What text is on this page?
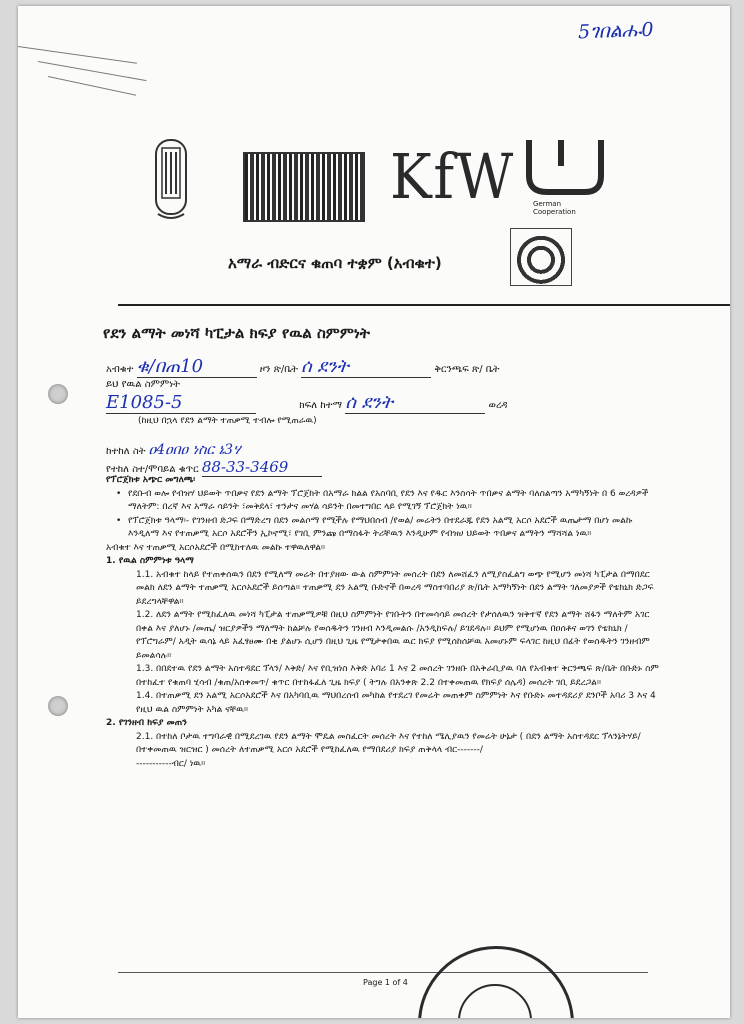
5ገበልሑ0
KfW	German Cooperation
አማራ ብድርና ቁጠባ ተቋም (አብቁተ)
የደን ልማት መነሻ ካፒታል ክፍያ የዉል ስምምነት
አብቁተ ቁ/በጠ10	ዞን ጽ/ቤት ሰ ደንት	ቅርንጫፍ ጽ/ ቤት
ይህ የዉል ስምምነት
E1085-5	ክፍለ ከተማ ሰ ደንት	ወረዳ
(ከዚህ በኋላ የደን ልማት ተጠቃሚ ተብሎ የሚጠራዉ)
ከተከለ ስት ዐ4ዐበዐ ነስር ኔ3ሃ
የተከለ ስተ/ሞባይል ቁጥር 88-33-3469

የፕሮጀክቱ አጭር መግለጫ፡

• የደቡብ ወሎ የብዝሃ ህይወት ጥበቃና የደን ልማት ፕሮጀክት በአማራ ክልል የአስባቢ የደን እና የዱር እንስሳት ጥበቃና ልማት ባለስልጣን አማካኝነት በ 6 ወረዳዎች ማለትም: በረኛ እና አማራ ሳይንት ፣መቅደላ፣ ተንታና መሃል ሳይንት በመተግበር ላይ የሚገኝ ፕሮጀክት ነዉ።

• የፕሮጀክቱ ዓላማ፡- የገንዘብ ድጋፍ በማድረግ በደን መልሶማ የሚችሉ የማህበሰብ /የወል/ መሬትን በተደራጁ የደን አልሚ አርሶ አደሮች ዉጤታማ በሆነ መልኩ እንዲለማ እና የተጠቃሚ አርሶ አደሮችን ኢኮኖሚ፣ የገቢ ምንጩ በማስፋት ትሪቸዉን እንዲሁም የብዝሀ ህይወት ጥበቃና ልማትን ማሻሻል ነዉ።

አብቁተ እና ተጠቃሚ አርሶአደሮች በሚከተለዉ መልኩ ተዋዉለዋል።

1. የዉል ስምምነቱ ዓላማ

1.1. አብቁተ ከላይ የተጠቀሰዉን በደን የሚለማ መሬት በተያዘው ውል ስምምነት መሰረት በደን ለመሸፈን ለሚያስፈልግ ወጭ የሚሆን መነሻ ካፒታል በማበደር መልክ ለደን ልማት ተጠቃሚ አርሶአደሮች ይሰጣል። ተጠቃሚ ደን አልሚ ቡድኖች በወረዳ ማስተባበሪያ ጽ/ቤት አማካኝነት በደን ልማት ገለመያዎች የቴክኒክ ድጋፍ ይደረግላቸዋል።

1.2. ለደን ልማት የሚከፈለዉ መነሻ ካፒታል ተጠቃሚዎቹ በዚህ ስምምነት የገቡትን በተመሳሳይ መሰረት የታሰለዉን ዝቅተኛ የደን ልማት ሸፋን ማለትም አገር በቀል እና ያለሆኑ /መጤ/ ዝርያዎችን ማለማት ከልቻሉ የወሰዱትን ገንዘብ እንዲመልሱ /አንዲከፍሉ/ ይገደዳሉ። ይህም የሚሆነዉ በዐሰቶና ወገን የቴክኒክ /የፕሮግራም/ አዲት ዉሳኔ ላይ አፈፃፀሙ በቂ ያልሆኑ ሲሆን በዚህ ጊዜ የሚታቀበዉ ዉር ክፍያ የሚሰከሰቻዉ አመሆኑም ፍላገር ከዚህ በፊት የወሰዱትን ገንዘብም ይመልሳሉ።

1.3. በበደተዉ የደን ልማት አስተዳደር ፕላን/ እቅድ/ እና የቢዝነስ እቅድ አባሪ 1 እና 2 መሰረት ገንዘቡ በአቅራቢያዉ ባለ የአብቁተ ቅርንጫፍ ጽ/ቤት በቡድኑ ስም በተከፈተ የቁጠባ ሂሳብ /ቁጠ/አስቀመጥ/ ቁጥር በተከፋፈለ ጊዜ ክፍያ ( ትግሉ በአንቀጽ 2.2 በተቀመጠዉ የክፍያ ሰሌዳ) መሰረት ገቢ ይደረጋል።

1.4. በተጠቃሚ ደን አልሚ አርሶአደሮች እና በአካባቢዉ ማህበረሰብ መካከል የተደረገ የመሬት መጠቀም ስምምነት እና የቡድኑ መተዳደሪያ ደንቦች አባሪ 3 እና 4 የዚህ ዉል ስምምነት አካል ናቸዉ።

2. የገንዘብ ክፍያ መጠን

2.1. በተከለ ቦታዉ ተግባራዊ በሚደረገዉ የደን ልማት ሞዴል መስፈርት መሰረት እና የተከለ ሜሊያዉን የመሬት ሁኔታ ( በደን ልማት አስተዳደር ፕላንኔትሃይ/ በተቀመጠዉ ዝርዝር ) መሰረት ለተጠቃሚ አርሶ አደሮች የሚከፈለዉ የማበደሪያ ክፍያ ጠቅላላ ብር-------/

-----------ብር/ ነዉ።

Page 1 of 4
